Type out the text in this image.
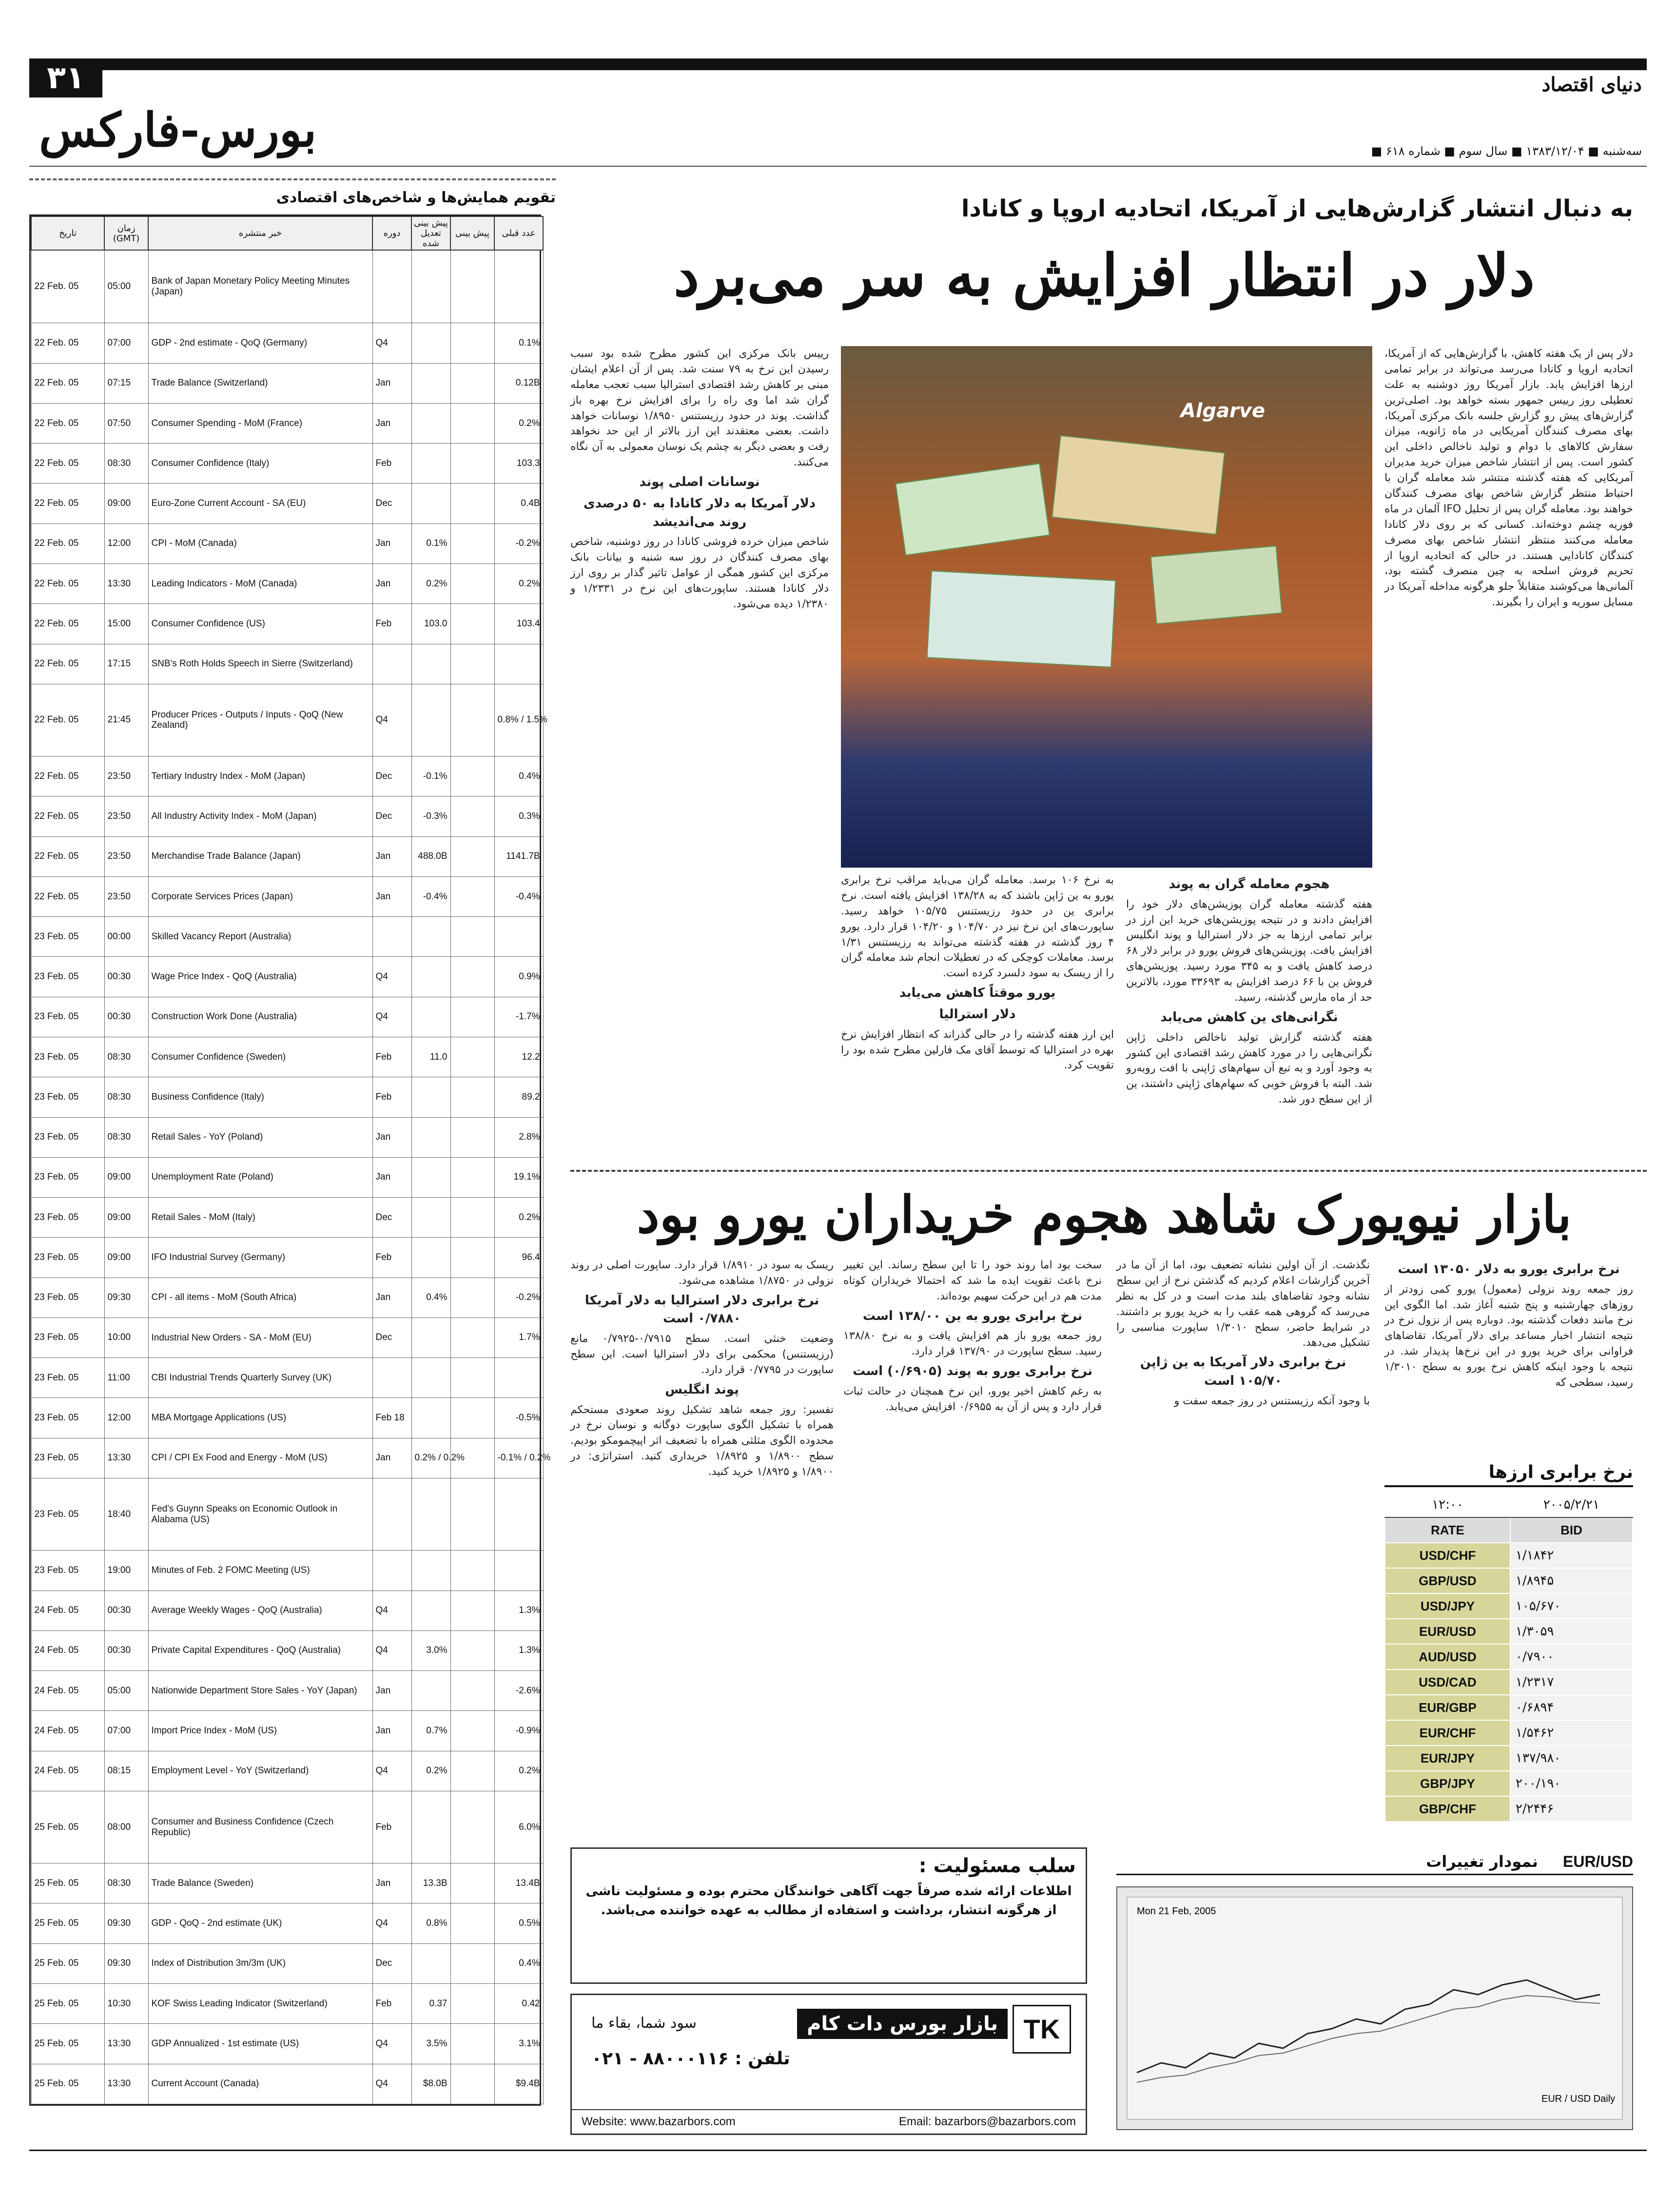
۳۱
بورس-فارکس
دنیای اقتصاد
■ سه‌شنبه ■ ۱۳۸۳/۱۲/۰۴ ■ سال سوم ■ شماره ۶۱۸
تقویم همایش‌ها و شاخص‌های اقتصادی
تاریخ	زمان (GMT)	خبر منتشره	دوره	پیش بینی تعدیل شده	پیش بینی	عدد قبلی
22 Feb. 05	05:00	Bank of Japan Monetary Policy Meeting Minutes (Japan)				
22 Feb. 05	07:00	GDP - 2nd estimate - QoQ (Germany)	Q4			0.1%
22 Feb. 05	07:15	Trade Balance (Switzerland)	Jan			0.12B
22 Feb. 05	07:50	Consumer Spending - MoM (France)	Jan			0.2%
22 Feb. 05	08:30	Consumer Confidence (Italy)	Feb			103.3
22 Feb. 05	09:00	Euro-Zone Current Account - SA (EU)	Dec			0.4B
22 Feb. 05	12:00	CPI - MoM (Canada)	Jan	0.1%		-0.2%
22 Feb. 05	13:30	Leading Indicators - MoM (Canada)	Jan	0.2%		0.2%
22 Feb. 05	15:00	Consumer Confidence (US)	Feb	103.0		103.4
22 Feb. 05	17:15	SNB's Roth Holds Speech in Sierre (Switzerland)				
22 Feb. 05	21:45	Producer Prices - Outputs / Inputs - QoQ (New Zealand)	Q4			0.8% / 1.5%
22 Feb. 05	23:50	Tertiary Industry Index - MoM (Japan)	Dec	-0.1%		0.4%
22 Feb. 05	23:50	All Industry Activity Index - MoM (Japan)	Dec	-0.3%		0.3%
22 Feb. 05	23:50	Merchandise Trade Balance (Japan)	Jan	488.0B		1141.7B
22 Feb. 05	23:50	Corporate Services Prices (Japan)	Jan	-0.4%		-0.4%
23 Feb. 05	00:00	Skilled Vacancy Report (Australia)				
23 Feb. 05	00:30	Wage Price Index - QoQ (Australia)	Q4			0.9%
23 Feb. 05	00:30	Construction Work Done (Australia)	Q4			-1.7%
23 Feb. 05	08:30	Consumer Confidence (Sweden)	Feb	11.0		12.2
23 Feb. 05	08:30	Business Confidence (Italy)	Feb			89.2
23 Feb. 05	08:30	Retail Sales - YoY (Poland)	Jan			2.8%
23 Feb. 05	09:00	Unemployment Rate (Poland)	Jan			19.1%
23 Feb. 05	09:00	Retail Sales - MoM (Italy)	Dec			0.2%
23 Feb. 05	09:00	IFO Industrial Survey (Germany)	Feb			96.4
23 Feb. 05	09:30	CPI - all items - MoM (South Africa)	Jan	0.4%		-0.2%
23 Feb. 05	10:00	Industrial New Orders - SA - MoM (EU)	Dec			1.7%
23 Feb. 05	11:00	CBI Industrial Trends Quarterly Survey (UK)				
23 Feb. 05	12:00	MBA Mortgage Applications (US)	Feb 18			-0.5%
23 Feb. 05	13:30	CPI / CPI Ex Food and Energy - MoM (US)	Jan	0.2% / 0.2%		-0.1% / 0.2%
23 Feb. 05	18:40	Fed's Guynn Speaks on Economic Outlook in Alabama (US)				
23 Feb. 05	19:00	Minutes of Feb. 2 FOMC Meeting (US)				
24 Feb. 05	00:30	Average Weekly Wages - QoQ (Australia)	Q4			1.3%
24 Feb. 05	00:30	Private Capital Expenditures - QoQ (Australia)	Q4	3.0%		1.3%
24 Feb. 05	05:00	Nationwide Department Store Sales - YoY (Japan)	Jan			-2.6%
24 Feb. 05	07:00	Import Price Index - MoM (US)	Jan	0.7%		-0.9%
24 Feb. 05	08:15	Employment Level - YoY (Switzerland)	Q4	0.2%		0.2%
25 Feb. 05	08:00	Consumer and Business Confidence (Czech Republic)	Feb			6.0%
25 Feb. 05	08:30	Trade Balance (Sweden)	Jan	13.3B		13.4B
25 Feb. 05	09:30	GDP - QoQ - 2nd estimate (UK)	Q4	0.8%		0.5%
25 Feb. 05	09:30	Index of Distribution 3m/3m (UK)	Dec			0.4%
25 Feb. 05	10:30	KOF Swiss Leading Indicator (Switzerland)	Feb	0.37		0.42
25 Feb. 05	13:30	GDP Annualized - 1st estimate (US)	Q4	3.5%		3.1%
25 Feb. 05	13:30	Current Account (Canada)	Q4	$8.0B		$9.4B
به دنبال انتشار گزارش‌هایی از آمریکا، اتحادیه اروپا و کانادا
دلار در انتظار افزایش به سر می‌برد

دلار پس از یک هفته کاهش، با گزارش‌هایی که از آمریکا، اتحادیه اروپا و کانادا می‌رسد می‌تواند در برابر تمامی ارزها افزایش یابد. بازار آمریکا روز دوشنبه به علت تعطیلی روز رییس جمهور بسته خواهد بود. اصلی‌ترین گزارش‌های پیش رو گزارش جلسه بانک مرکزی آمریکا، بهای مصرف کنندگان آمریکایی در ماه ژانویه، میزان سفارش کالاهای با دوام و تولید ناخالص داخلی این کشور است. پس از انتشار شاخص میزان خرید مدیران آمریکایی که هفته گذشته منتشر شد معامله گران با احتیاط منتظر گزارش شاخص بهای مصرف کنندگان خواهند بود. معامله گران پس از تحلیل IFO آلمان در ماه فوریه چشم دوخته‌اند. کسانی که بر روی دلار کانادا معامله می‌کنند منتظر انتشار شاخص بهای مصرف کنندگان کانادایی هستند. در حالی که اتحادیه اروپا از تحریم فروش اسلحه به چین منصرف گشته بود، آلمانی‌ها می‌کوشند متقابلاً جلو هرگونه مداخله آمریکا در مسایل سوریه و ایران را بگیرند.

Algarve
هجوم معامله گران به پوند

هفته گذشته معامله گران پوزیشن‌های دلار خود را افزایش دادند و در نتیجه پوزیشن‌های خرید این ارز در برابر تمامی ارزها به جز دلار استرالیا و پوند انگلیس افزایش یافت. پوزیشن‌های فروش یورو در برابر دلار ۶۸ درصد کاهش یافت و به ۳۴۵ مورد رسید. پوزیشن‌های فروش ین با ۶۶ درصد افزایش به ۳۳۶۹۳ مورد، بالاترین حد از ماه مارس گذشته، رسید.

نگرانی‌های ین کاهش می‌یابد

هفته گذشته گزارش تولید ناخالص داخلی ژاپن نگرانی‌هایی را در مورد کاهش رشد اقتصادی این کشور به وجود آورد و به تبع آن سهام‌های ژاپنی با افت روبه‌رو شد. البته با فروش خوبی که سهام‌های ژاپنی داشتند، ین از این سطح دور شد.

به نرخ ۱۰۶ برسد. معامله گران می‌باید مراقب نرخ برابری یورو به ین ژاپن باشند که به ۱۳۸/۲۸ افزایش یافته است. نرخ برابری ین در حدود رزیستنس ۱۰۵/۷۵ خواهد رسید. ساپورت‌های این نرخ نیز در ۱۰۴/۷۰ و ۱۰۴/۲۰ قرار دارد. یورو ۴ روز گذشته در هفته گذشته می‌تواند به رزیستنس ۱/۳۱ برسد. معاملات کوچکی که در تعطیلات انجام شد معامله گران را از ریسک به سود دلسرد کرده است.

یورو موقتاً کاهش می‌یابد
دلار استرالیا

این ارز هفته گذشته را در حالی گذراند که انتظار افزایش نرخ بهره در استرالیا که توسط آقای مک فارلین مطرح شده بود را تقویت کرد.

رییس بانک مرکزی این کشور مطرح شده بود سبب رسیدن این نرخ به ۷۹ سنت شد. پس از آن اعلام ایشان مبنی بر کاهش رشد اقتصادی استرالیا سبب تعجب معامله گران شد اما وی راه را برای افزایش نرخ بهره باز گذاشت. پوند در حدود رزیستنس ۱/۸۹۵۰ نوسانات خواهد داشت. بعضی معتقدند این ارز بالاتر از این حد نخواهد رفت و بعضی دیگر به چشم یک نوسان معمولی به آن نگاه می‌کنند.

نوسانات اصلی پوند
دلار آمریکا به دلار کانادا به ۵۰ درصدی روند می‌اندیشد

شاخص میزان خرده فروشی کانادا در روز دوشنبه، شاخص بهای مصرف کنندگان در روز سه شنبه و بیانات بانک مرکزی این کشور همگی از عوامل تاثیر گذار بر روی ارز دلار کانادا هستند. ساپورت‌های این نرخ در ۱/۲۳۳۱ و ۱/۲۳۸۰ دیده می‌شود.

بازار نیویورک شاهد هجوم خریداران یورو بود
نرخ برابری یورو به دلار ۱۳۰۵۰ است

روز جمعه روند نزولی (معمول) یورو کمی زودتر از روزهای چهارشنبه و پنج شنبه آغاز شد. اما الگوی این نرخ مانند دفعات گذشته بود. دوباره پس از نزول نرخ در نتیجه انتشار اخبار مساعد برای دلار آمریکا، تقاضاهای فراوانی برای خرید یورو در این نرخ‌ها پدیدار شد. در نتیجه با وجود اینکه کاهش نرخ یورو به سطح ۱/۳۰۱۰ رسید، سطحی که

نگذشت. از آن اولین نشانه تضعیف بود، اما از آن ما در آخرین گزارشات اعلام کردیم که گذشتن نرخ از این سطح نشانه وجود تقاضاهای بلند مدت است و در کل به نظر می‌رسد که گروهی همه عقب را به خرید یورو بر داشتند. در شرایط حاضر، سطح ۱/۳۰۱۰ ساپورت مناسبی را تشکیل می‌دهد.

نرخ برابری دلار آمریکا به ین ژاپن ۱۰۵/۷۰ است

با وجود آنکه رزیستنس در روز جمعه سفت و

سخت بود اما روند خود را تا این سطح رساند. این تغییر نرخ باعث تقویت ایده ما شد که احتمالا خریداران کوتاه مدت هم در این حرکت سهیم بوده‌اند.

نرخ برابری یورو به ین ۱۳۸/۰۰ است

روز جمعه یورو باز هم افزایش یافت و به نرخ ۱۳۸/۸۰ رسید. سطح ساپورت در ۱۳۷/۹۰ قرار دارد.

نرخ برابری یورو به پوند (۰/۶۹۰۵) است

به رغم کاهش اخیر یورو، این نرخ همچنان در حالت ثبات قرار دارد و پس از آن به ۰/۶۹۵۵ افزایش می‌یابد.

ریسک به سود در ۱/۸۹۱۰ قرار دارد. ساپورت اصلی در روند نزولی در ۱/۸۷۵۰ مشاهده می‌شود.

نرخ برابری دلار استرالیا به دلار آمریکا ۰/۷۸۸۰ است

وضعیت خنثی است. سطح ۰/۷۹۱۵-۰/۷۹۲۵ مانع (رزیستنس) محکمی برای دلار استرالیا است. این سطح ساپورت در ۰/۷۷۹۵ قرار دارد.

پوند انگلیس

تفسیر: روز جمعه شاهد تشکیل روند صعودی مستحکم همراه با تشکیل الگوی ساپورت دوگانه و نوسان نرخ در محدوده الگوی مثلثی همراه با تضعیف اثر اپیچمومکو بودیم. سطح ۱/۸۹۰۰ و ۱/۸۹۲۵ خریداری کنید. استراتژی: در ۱/۸۹۰۰ و ۱/۸۹۲۵ خرید کنید.	نرخ برابری ارزها
۱۲:۰۰	۲۰۰۵/۲/۲۱
RATE	BID
USD/CHF	۱/۱۸۴۲
GBP/USD	۱/۸۹۴۵
USD/JPY	۱۰۵/۶۷۰
EUR/USD	۱/۳۰۵۹
AUD/USD	۰/۷۹۰۰
USD/CAD	۱/۲۳۱۷
EUR/GBP	۰/۶۸۹۴
EUR/CHF	۱/۵۴۶۲
EUR/JPY	۱۳۷/۹۸۰
GBP/JPY	۲۰۰/۱۹۰
GBP/CHF	۲/۲۴۴۶
نمودار تغییرات EUR/USD
Mon 21 Feb, 2005
EUR / USD Daily
سلب مسئولیت :
اطلاعات ارائه شده صرفاً جهت آگاهی خوانندگان محترم بوده و مسئولیت ناشی از هرگونه انتشار، برداشت و استفاده از مطالب به عهده خواننده می‌باشد.
TK
بازار بورس دات کام
سود شما، بقاء ما
تلفن : ۸۸۰۰۰۱۱۶ - ۰۲۱
Website: www.bazarbors.com	Email: bazarbors@bazarbors.com
